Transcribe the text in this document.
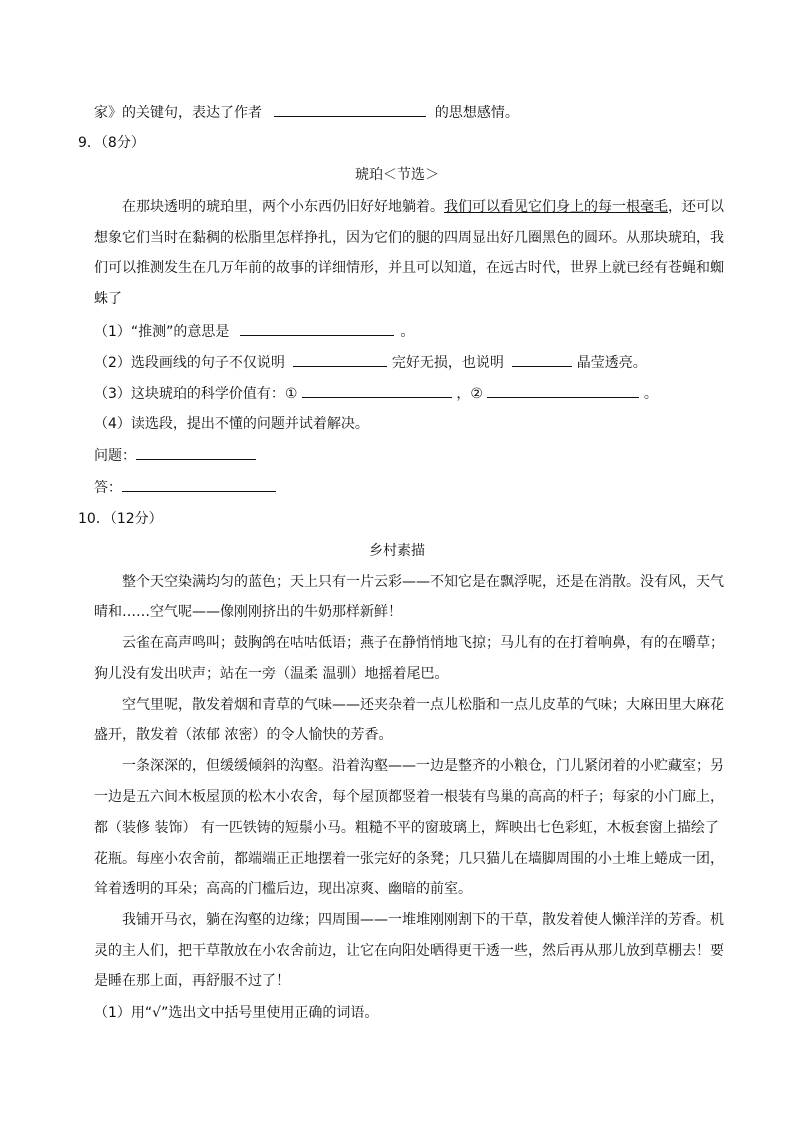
家》的关键句，表达了作者	的思想感情。
9．（8分）
琥珀＜节选＞
在那块透明的琥珀里，两个小东西仍旧好好地躺着。我们可以看见它们身上的每一根毫毛，还可以
想象它们当时在黏稠的松脂里怎样挣扎，因为它们的腿的四周显出好几圈黑色的圆环。从那块琥珀，我
们可以推测发生在几万年前的故事的详细情形，并且可以知道，在远古时代，世界上就已经有苍蝇和蜘
蛛了
（1）“推测”的意思是	。
（2）选段画线的句子不仅说明	完好无损，也说明	晶莹透亮。
（3）这块琥珀的科学价值有：①	，②	。
（4）读选段，提出不懂的问题并试着解决。
问题：
答：
10．（12分）
乡村素描
整个天空染满均匀的蓝色；天上只有一片云彩——不知它是在飘浮呢，还是在消散。没有风，天气
晴和……空气呢——像刚刚挤出的牛奶那样新鲜！
云雀在高声鸣叫；鼓胸鸽在咕咕低语；燕子在静悄悄地飞掠；马儿有的在打着响鼻，有的在嚼草；
狗儿没有发出吠声；站在一旁（温柔 温驯）地摇着尾巴。
空气里呢，散发着烟和青草的气味——还夹杂着一点儿松脂和一点儿皮革的气味；大麻田里大麻花
盛开，散发着（浓郁 浓密）的令人愉快的芳香。
一条深深的，但缓缓倾斜的沟壑。沿着沟壑——一边是整齐的小粮仓，门儿紧闭着的小贮藏室；另
一边是五六间木板屋顶的松木小农舍，每个屋顶都竖着一根装有鸟巢的高高的杆子；每家的小门廊上，
都（装修 装饰） 有一匹铁铸的短鬃小马。粗糙不平的窗玻璃上，辉映出七色彩虹，木板套窗上描绘了
花瓶。每座小农舍前，都端端正正地摆着一张完好的条凳；几只猫儿在墙脚周围的小土堆上蜷成一团，
耸着透明的耳朵；高高的门槛后边，现出凉爽、幽暗的前室。
我铺开马衣，躺在沟壑的边缘；四周围——一堆堆刚刚割下的干草，散发着使人懒洋洋的芳香。机
灵的主人们，把干草散放在小农舍前边，让它在向阳处晒得更干透一些，然后再从那儿放到草棚去！要
是睡在那上面，再舒服不过了！
（1）用“√”选出文中括号里使用正确的词语。
